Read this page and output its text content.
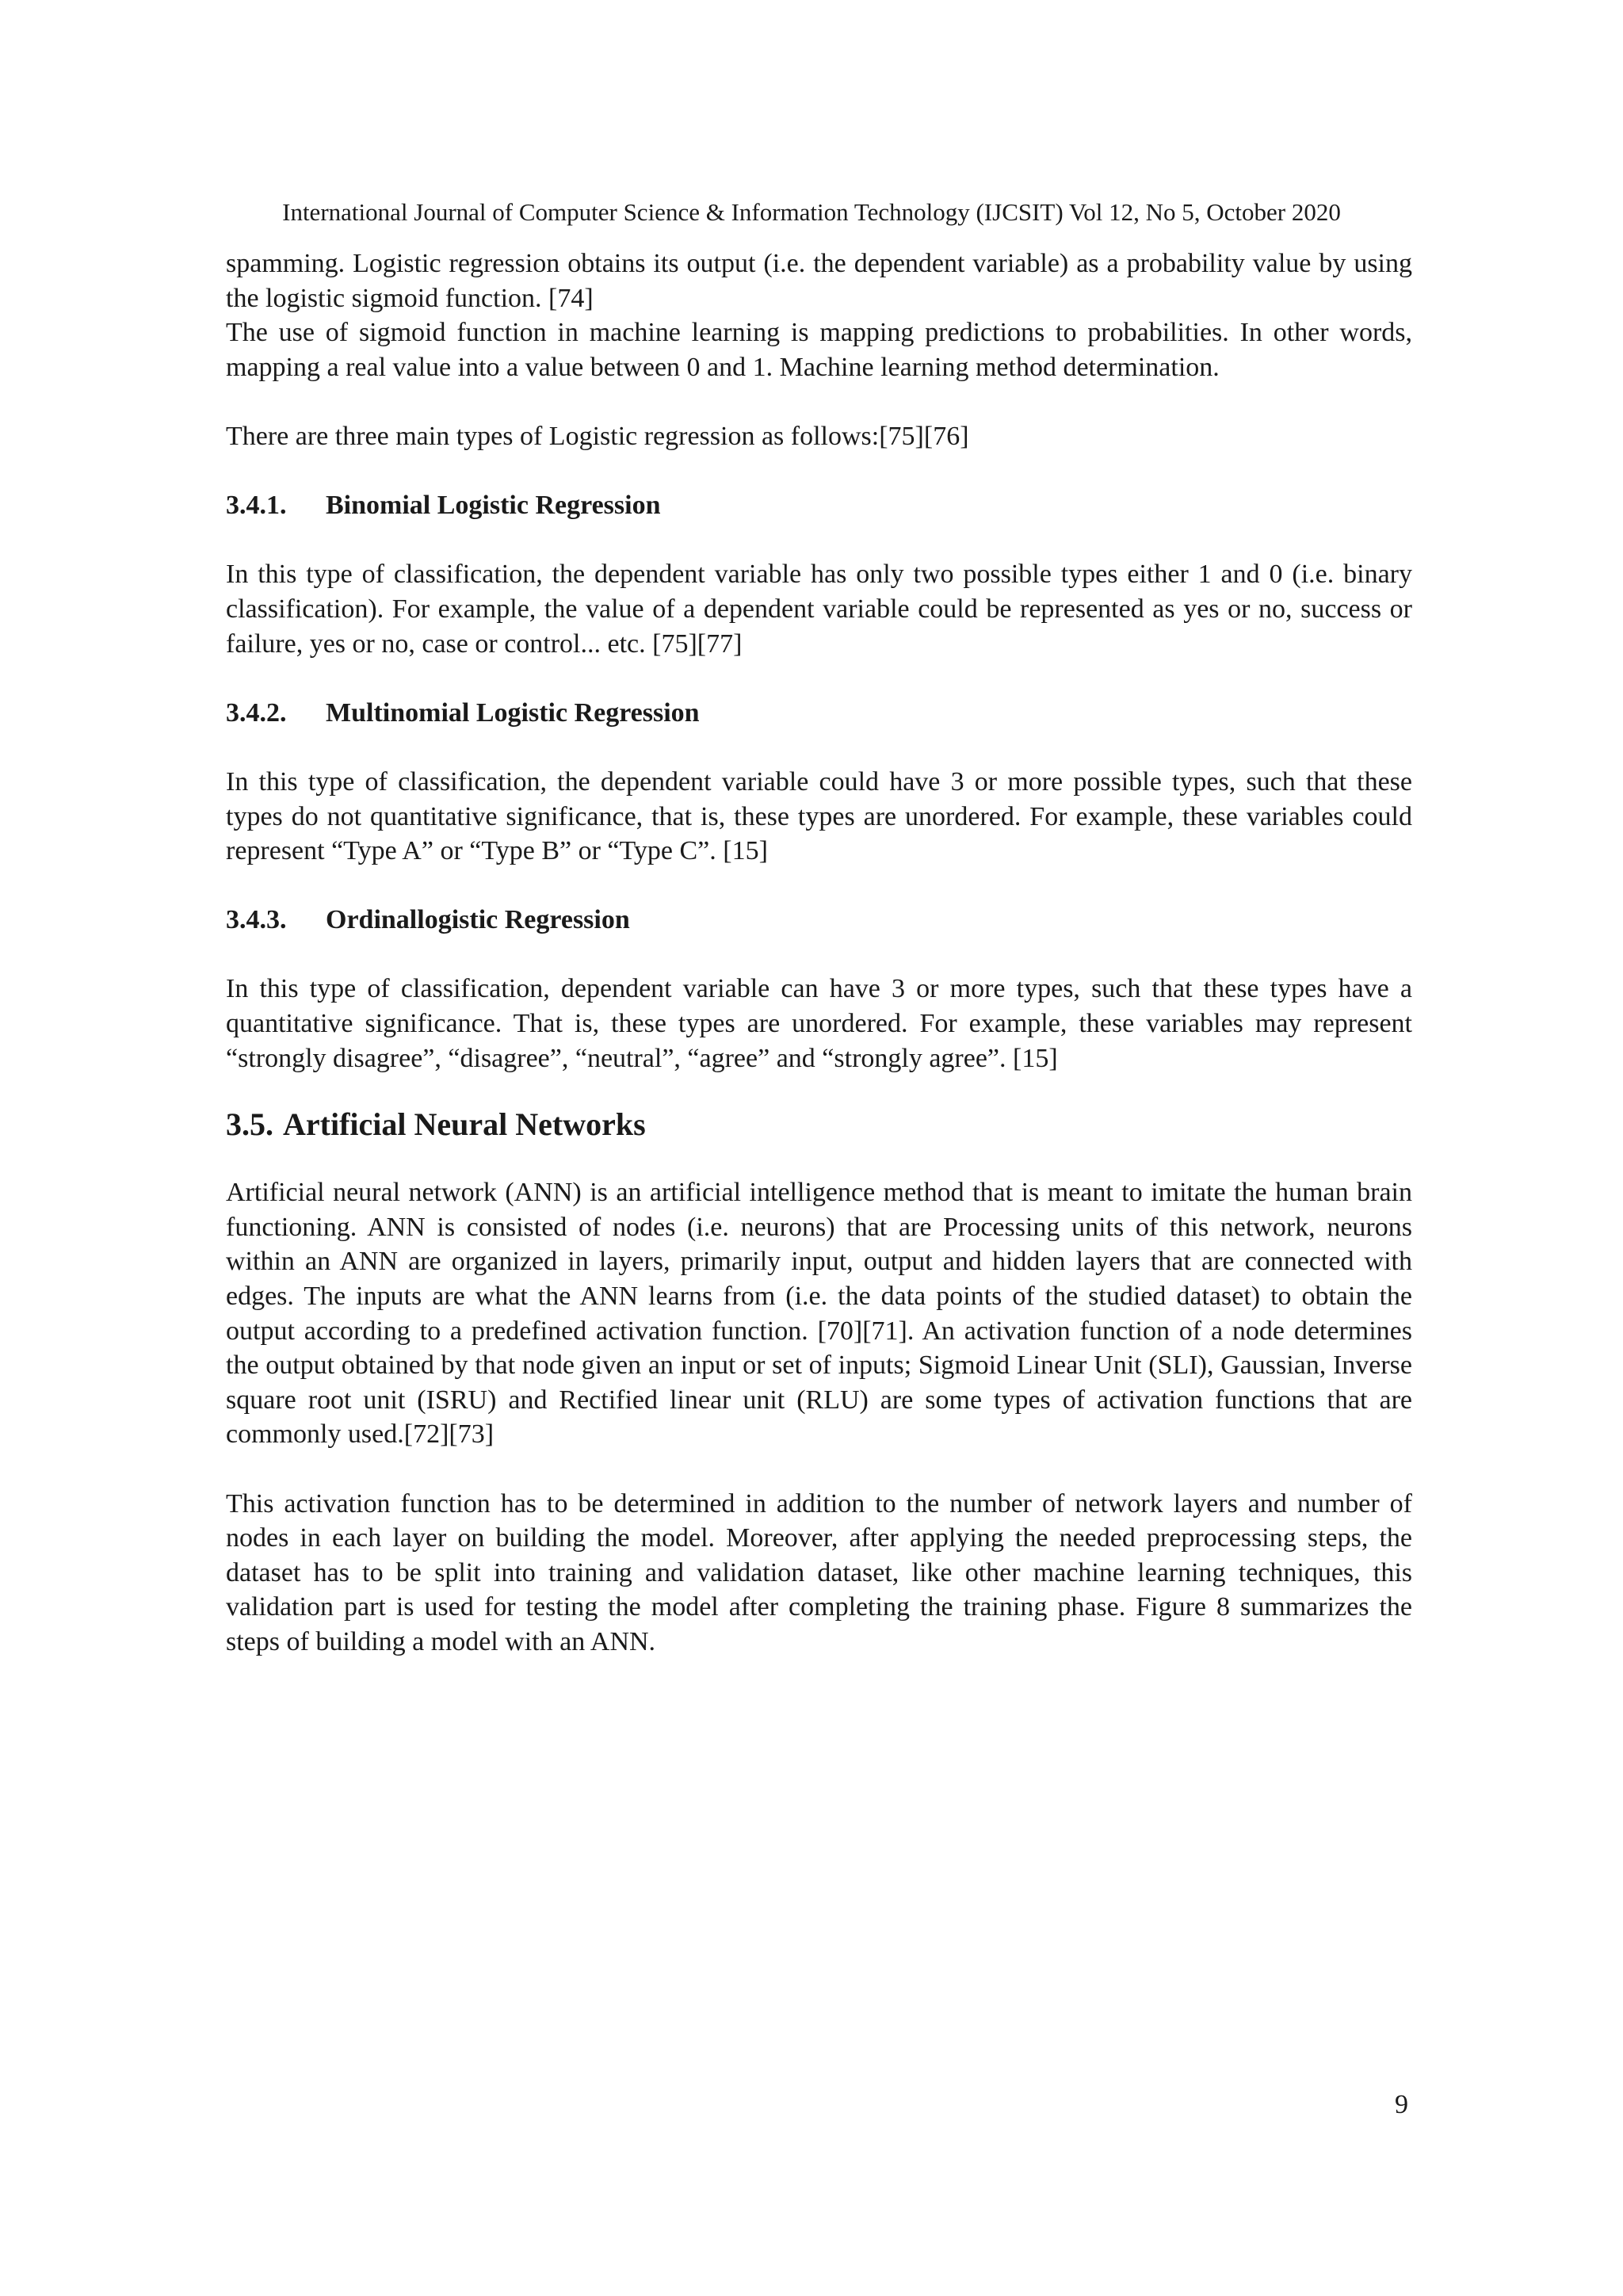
International Journal of Computer Science & Information Technology (IJCSIT) Vol 12, No 5, October 2020

spamming. Logistic regression obtains its output (i.e. the dependent variable) as a probability value by using the logistic sigmoid function. [74]

The use of sigmoid function in machine learning is mapping predictions to probabilities. In other words, mapping a real value into a value between 0 and 1. Machine learning method determination.

There are three main types of Logistic regression as follows:[75][76]

3.4.1. Binomial Logistic Regression

In this type of classification, the dependent variable has only two possible types either 1 and 0 (i.e. binary classification). For example, the value of a dependent variable could be represented as yes or no, success or failure, yes or no, case or control... etc. [75][77]

3.4.2. Multinomial Logistic Regression

In this type of classification, the dependent variable could have 3 or more possible types, such that these types do not quantitative significance, that is, these types are unordered. For example, these variables could represent “Type A” or “Type B” or “Type C”. [15]

3.4.3. Ordinallogistic Regression

In this type of classification, dependent variable can have 3 or more types, such that these types have a quantitative significance. That is, these types are unordered. For example, these variables may represent “strongly disagree”, “disagree”, “neutral”, “agree” and “strongly agree”. [15]

3.5. Artificial Neural Networks

Artificial neural network (ANN) is an artificial intelligence method that is meant to imitate the human brain functioning. ANN is consisted of nodes (i.e. neurons) that are Processing units of this network, neurons within an ANN are organized in layers, primarily input, output and hidden layers that are connected with edges. The inputs are what the ANN learns from (i.e. the data points of the studied dataset) to obtain the output according to a predefined activation function. [70][71]. An activation function of a node determines the output obtained by that node given an input or set of inputs; Sigmoid Linear Unit (SLI), Gaussian, Inverse square root unit (ISRU) and Rectified linear unit (RLU) are some types of activation functions that are commonly used.[72][73]

This activation function has to be determined in addition to the number of network layers and number of nodes in each layer on building the model. Moreover, after applying the needed preprocessing steps, the dataset has to be split into training and validation dataset, like other machine learning techniques, this validation part is used for testing the model after completing the training phase. Figure 8 summarizes the steps of building a model with an ANN.

9
